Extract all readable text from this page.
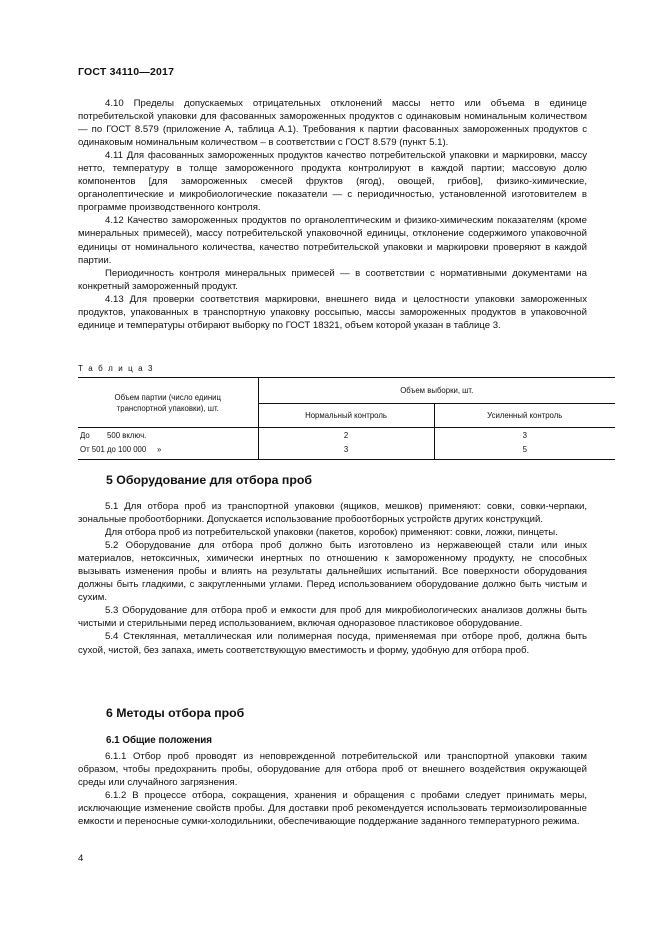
ГОСТ 34110—2017

4.10 Пределы допускаемых отрицательных отклонений массы нетто или объема в единице потребительской упаковки для фасованных замороженных продуктов с одинаковым номинальным количеством — по ГОСТ 8.579 (приложение А, таблица А.1). Требования к партии фасованных замороженных продуктов с одинаковым номинальным количеством – в соответствии с ГОСТ 8.579 (пункт 5.1).

4.11 Для фасованных замороженных продуктов качество потребительской упаковки и маркировки, массу нетто, температуру в толще замороженного продукта контролируют в каждой партии; массовую долю компонентов [для замороженных смесей фруктов (ягод), овощей, грибов], физико-химические, органолептические и микробиологические показатели — с периодичностью, установленной изготовителем в программе производственного контроля.

4.12 Качество замороженных продуктов по органолептическим и физико-химическим показателям (кроме минеральных примесей), массу потребительской упаковочной единицы, отклонение содержимого упаковочной единицы от номинального количества, качество потребительской упаковки и маркировки проверяют в каждой партии.

Периодичность контроля минеральных примесей — в соответствии с нормативными документами на конкретный замороженный продукт.

4.13 Для проверки соответствия маркировки, внешнего вида и целостности упаковки замороженных продуктов, упакованных в транспортную упаковку россыпью, массы замороженных продуктов в упаковочной единице и температуры отбирают выборку по ГОСТ 18321, объем которой указан в таблице 3.

Т а б л и ц а 3
Объем партии (число единиц транспортной упаковки), шт.	Объем выборки, шт.	
	Нормальный контроль	Усиленный контроль
До        500 включ.	2	3
От 501 до 100 000     »	3	5
5 Оборудование для отбора проб

5.1 Для отбора проб из транспортной упаковки (ящиков, мешков) применяют: совки, совки-черпаки, зональные пробоотборники. Допускается использование пробоотборных устройств других конструкций.

Для отбора проб из потребительской упаковки (пакетов, коробок) применяют: совки, ложки, пинцеты.

5.2 Оборудование для отбора проб должно быть изготовлено из нержавеющей стали или иных материалов, нетоксичных, химически инертных по отношению к замороженному продукту, не способных вызывать изменения пробы и влиять на результаты дальнейших испытаний. Все поверхности оборудования должны быть гладкими, с закругленными углами. Перед использованием оборудование должно быть чистым и сухим.

5.3 Оборудование для отбора проб и емкости для проб для микробиологических анализов должны быть чистыми и стерильными перед использованием, включая одноразовое пластиковое оборудование.

5.4 Стеклянная, металлическая или полимерная посуда, применяемая при отборе проб, должна быть сухой, чистой, без запаха, иметь соответствующую вместимость и форму, удобную для отбора проб.

6 Методы отбора проб
6.1 Общие положения

6.1.1 Отбор проб проводят из неповрежденной потребительской или транспортной упаковки таким образом, чтобы предохранить пробы, оборудование для отбора проб от внешнего воздействия окружающей среды или случайного загрязнения.

6.1.2 В процессе отбора, сокращения, хранения и обращения с пробами следует принимать меры, исключающие изменение свойств пробы. Для доставки проб рекомендуется использовать термоизолированные емкости и переносные сумки-холодильники, обеспечивающие поддержание заданного температурного режима.

4
